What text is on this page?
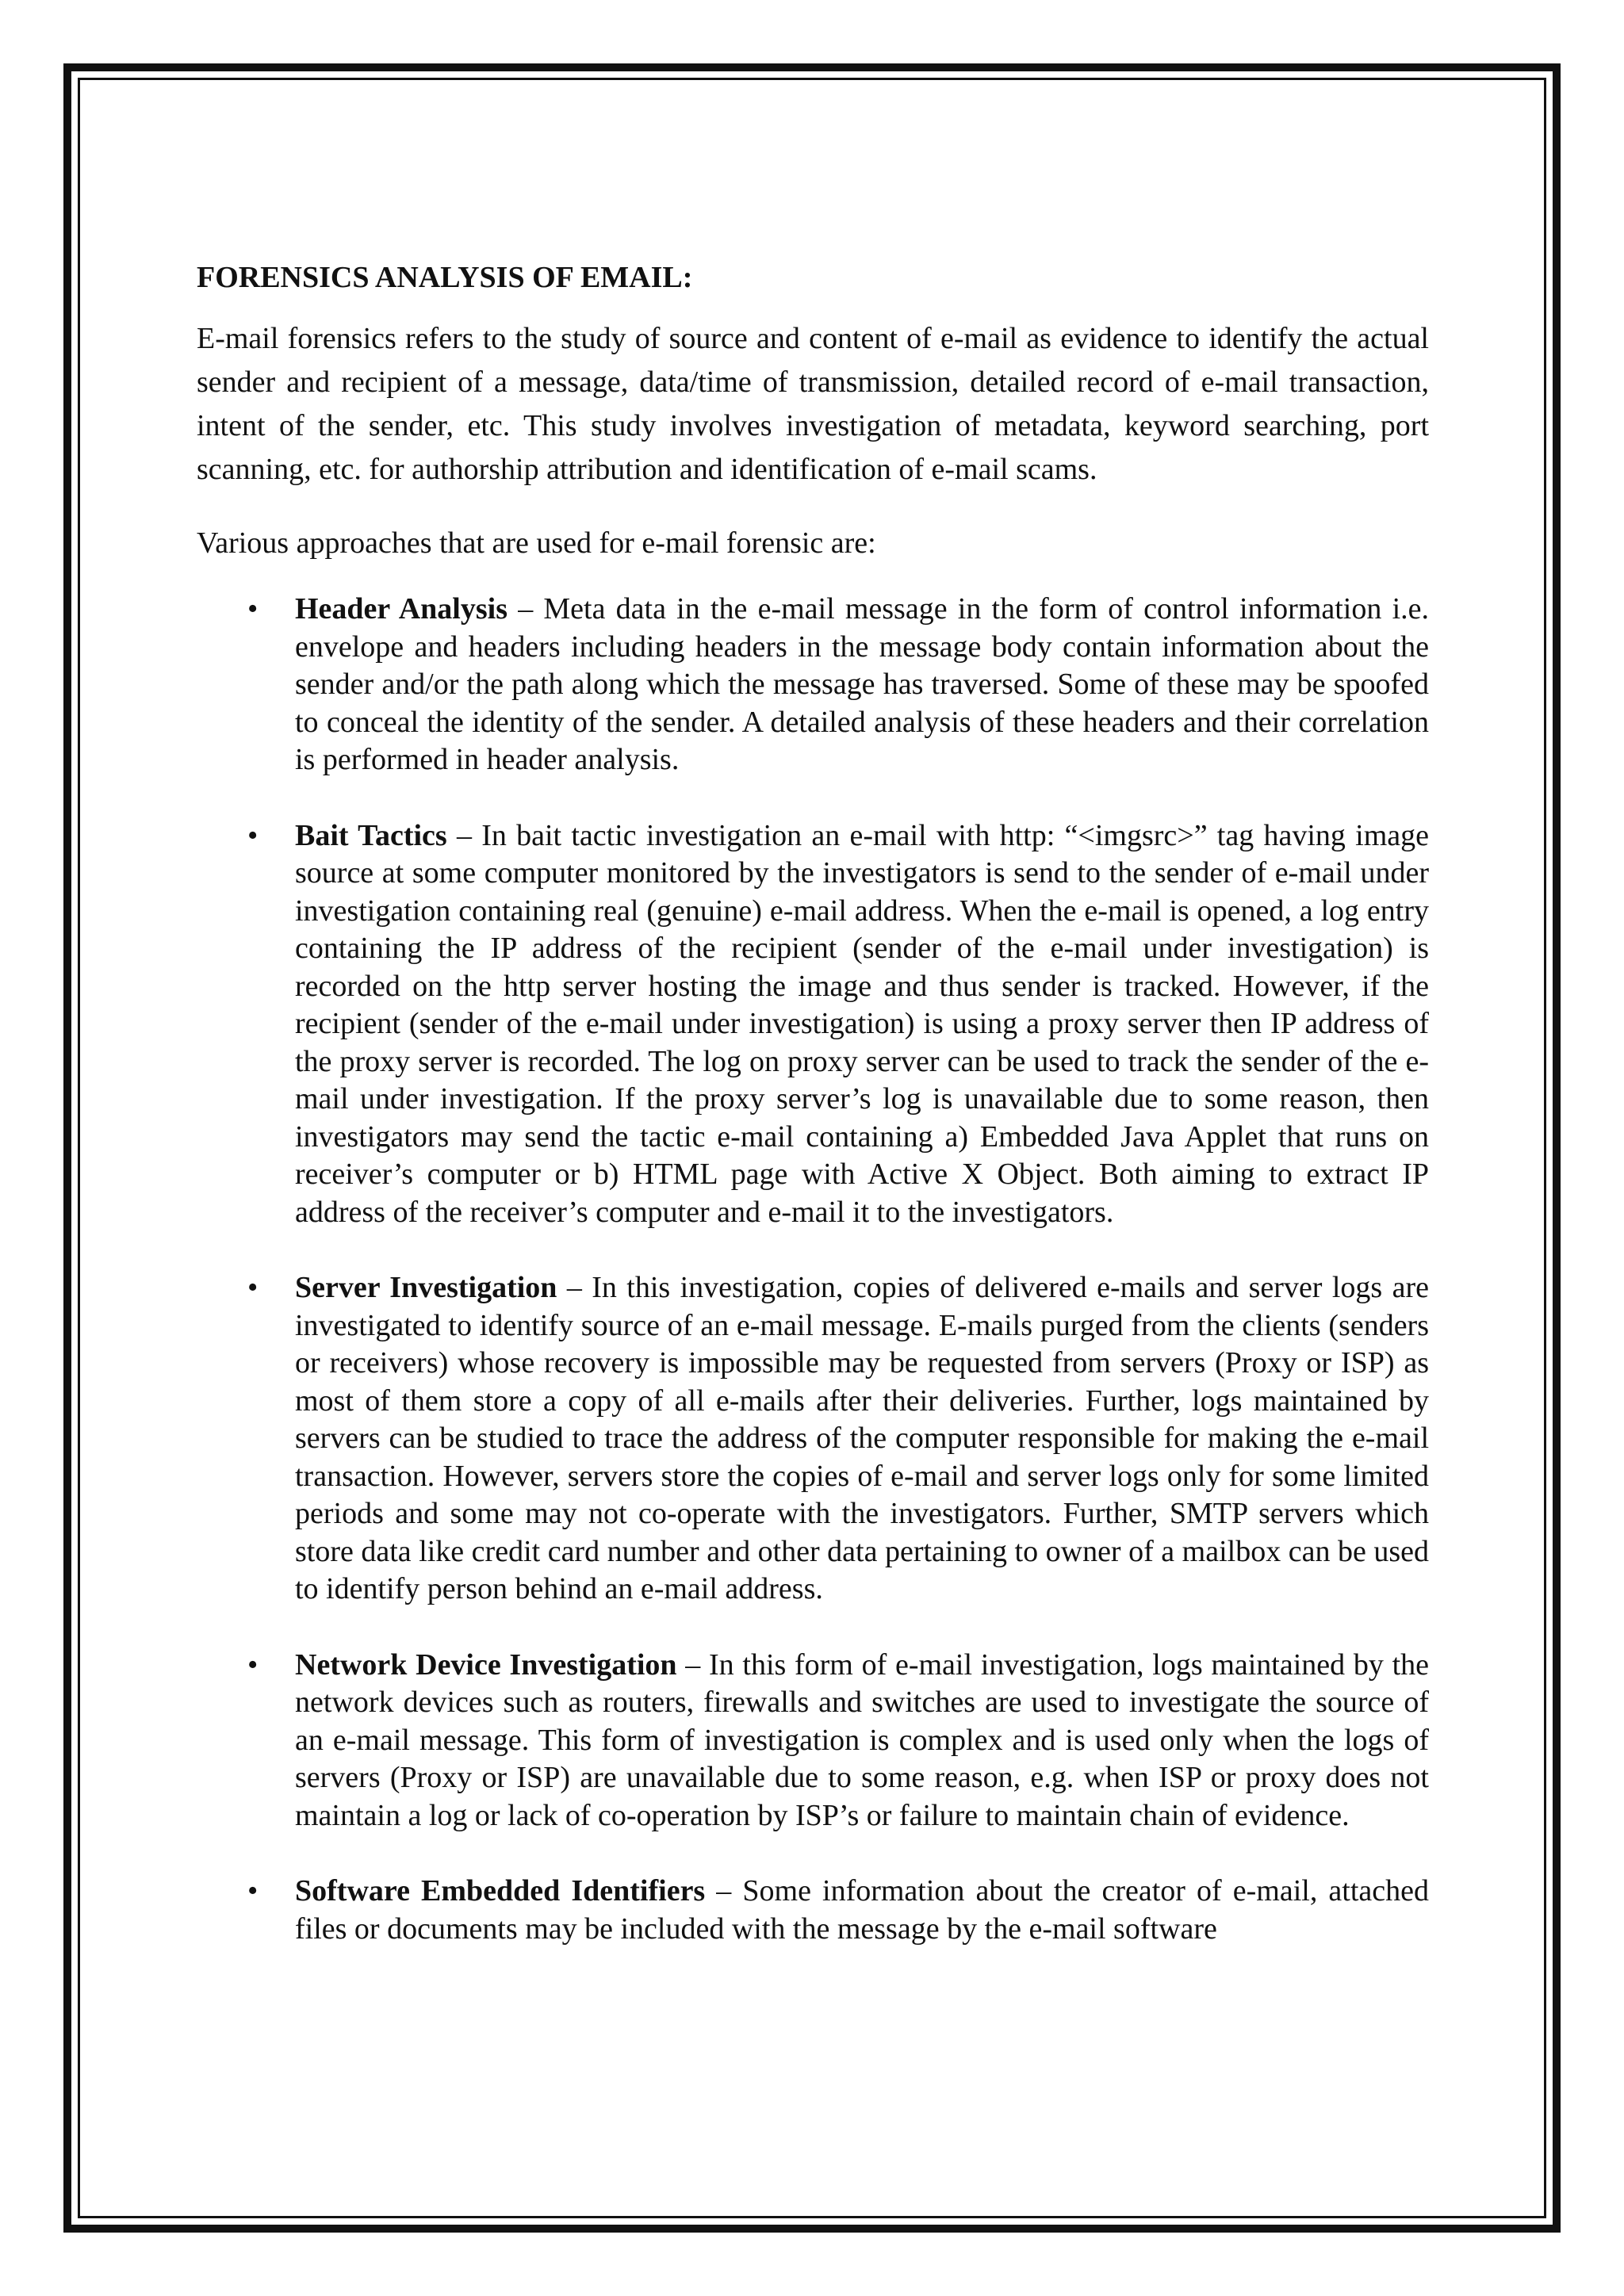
FORENSICS ANALYSIS OF EMAIL:

E-mail forensics refers to the study of source and content of e-mail as evidence to identify the actual sender and recipient of a message, data/time of transmission, detailed record of e-mail transaction, intent of the sender, etc. This study involves investigation of metadata, keyword searching, port scanning, etc. for authorship attribution and identification of e-mail scams.

Various approaches that are used for e-mail forensic are:
• Header Analysis – Meta data in the e-mail message in the form of control information i.e. envelope and headers including headers in the message body contain information about the sender and/or the path along which the message has traversed. Some of these may be spoofed to conceal the identity of the sender. A detailed analysis of these headers and their correlation is performed in header analysis.
• Bait Tactics – In bait tactic investigation an e-mail with http: “<imgsrc>” tag having image source at some computer monitored by the investigators is send to the sender of e-mail under investigation containing real (genuine) e-mail address. When the e-mail is opened, a log entry containing the IP address of the recipient (sender of the e-mail under investigation) is recorded on the http server hosting the image and thus sender is tracked. However, if the recipient (sender of the e-mail under investigation) is using a proxy server then IP address of the proxy server is recorded. The log on proxy server can be used to track the sender of the e-mail under investigation. If the proxy server’s log is unavailable due to some reason, then investigators may send the tactic e-mail containing a) Embedded Java Applet that runs on receiver’s computer or b) HTML page with Active X Object. Both aiming to extract IP address of the receiver’s computer and e-mail it to the investigators.
• Server Investigation – In this investigation, copies of delivered e-mails and server logs are investigated to identify source of an e-mail message. E-mails purged from the clients (senders or receivers) whose recovery is impossible may be requested from servers (Proxy or ISP) as most of them store a copy of all e-mails after their deliveries. Further, logs maintained by servers can be studied to trace the address of the computer responsible for making the e-mail transaction. However, servers store the copies of e-mail and server logs only for some limited periods and some may not co-operate with the investigators. Further, SMTP servers which store data like credit card number and other data pertaining to owner of a mailbox can be used to identify person behind an e-mail address.
• Network Device Investigation – In this form of e-mail investigation, logs maintained by the network devices such as routers, firewalls and switches are used to investigate the source of an e-mail message. This form of investigation is complex and is used only when the logs of servers (Proxy or ISP) are unavailable due to some reason, e.g. when ISP or proxy does not maintain a log or lack of co-operation by ISP’s or failure to maintain chain of evidence.
• Software Embedded Identifiers – Some information about the creator of e-mail, attached files or documents may be included with the message by the e-mail software
